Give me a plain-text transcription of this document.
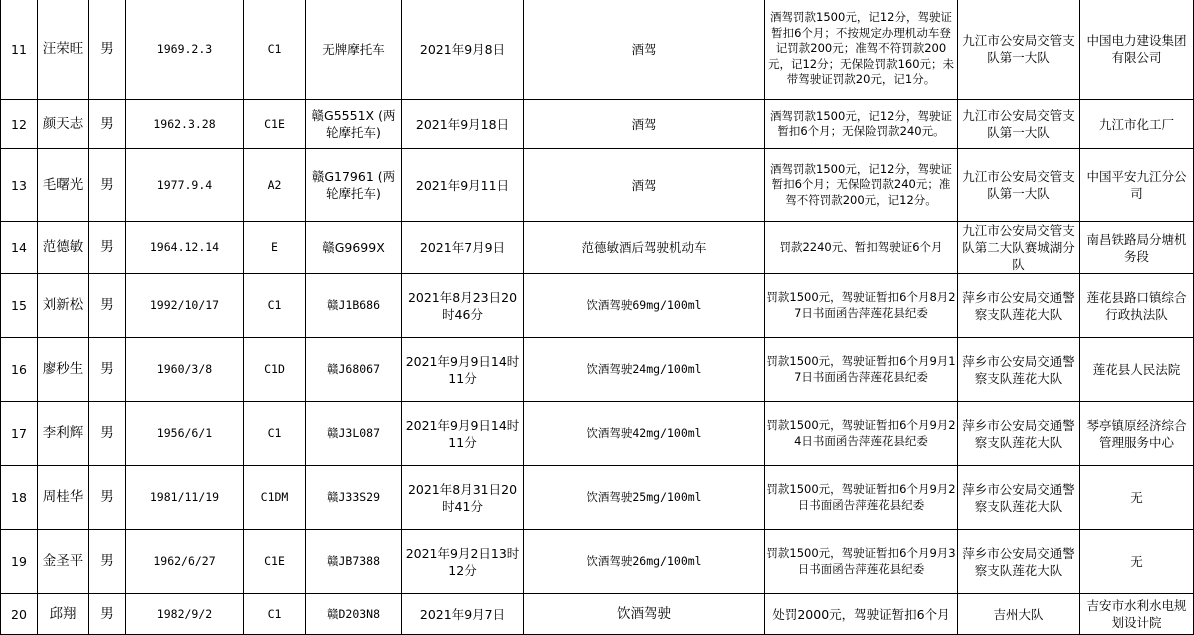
11	汪荣旺	男	1969.2.3	C1	无牌摩托车	2021年9月8日	酒驾	酒驾罚款1500元，记12分，驾驶证暂扣6个月；不按规定办理机动车登记罚款200元；准驾不符罚款200元，记12分；无保险罚款160元；未带驾驶证罚款20元，记1分。	九江市公安局交管支队第一大队	中国电力建设集团有限公司
12	颜天志	男	1962.3.28	C1E	赣G5551X (两轮摩托车)	2021年9月18日	酒驾	酒驾罚款1500元，记12分，驾驶证暂扣6个月；无保险罚款240元。	九江市公安局交管支队第一大队	九江市化工厂
13	毛曙光	男	1977.9.4	A2	赣G17961 (两轮摩托车)	2021年9月11日	酒驾	酒驾罚款1500元，记12分，驾驶证暂扣6个月；无保险罚款240元；准驾不符罚款200元，记12分。	九江市公安局交管支队第一大队	中国平安九江分公司
14	范德敏	男	1964.12.14	E	赣G9699X	2021年7月9日	范德敏酒后驾驶机动车	罚款2240元、暂扣驾驶证6个月	九江市公安局交管支队第二大队赛城湖分队	南昌铁路局分塘机务段
15	刘新松	男	1992/10/17	C1	赣J1B686	2021年8月23日20时46分	饮酒驾驶69mg/100ml	罚款1500元，驾驶证暂扣6个月8月27日书面函告萍莲花县纪委	萍乡市公安局交通警察支队莲花大队	莲花县路口镇综合行政执法队
16	廖秒生	男	1960/3/8	C1D	赣J68067	2021年9月9日14时11分	饮酒驾驶24mg/100ml	罚款1500元，驾驶证暂扣6个月9月17日书面函告萍莲花县纪委	萍乡市公安局交通警察支队莲花大队	莲花县人民法院
17	李利辉	男	1956/6/1	C1	赣J3L087	2021年9月9日14时11分	饮酒驾驶42mg/100ml	罚款1500元，驾驶证暂扣6个月9月24日书面函告萍莲花县纪委	萍乡市公安局交通警察支队莲花大队	琴亭镇原经济综合管理服务中心
18	周桂华	男	1981/11/19	C1DM	赣J33S29	2021年8月31日20时41分	饮酒驾驶25mg/100ml	罚款1500元，驾驶证暂扣6个月9月2日书面函告萍莲花县纪委	萍乡市公安局交通警察支队莲花大队	无
19	金圣平	男	1962/6/27	C1E	赣JB7388	2021年9月2日13时12分	饮酒驾驶26mg/100ml	罚款1500元，驾驶证暂扣6个月9月3日书面函告萍莲花县纪委	萍乡市公安局交通警察支队莲花大队	无
20	邱翔	男	1982/9/2	C1	赣D203N8	2021年9月7日	饮酒驾驶	处罚2000元，驾驶证暂扣6个月	吉州大队	吉安市水利水电规划设计院
